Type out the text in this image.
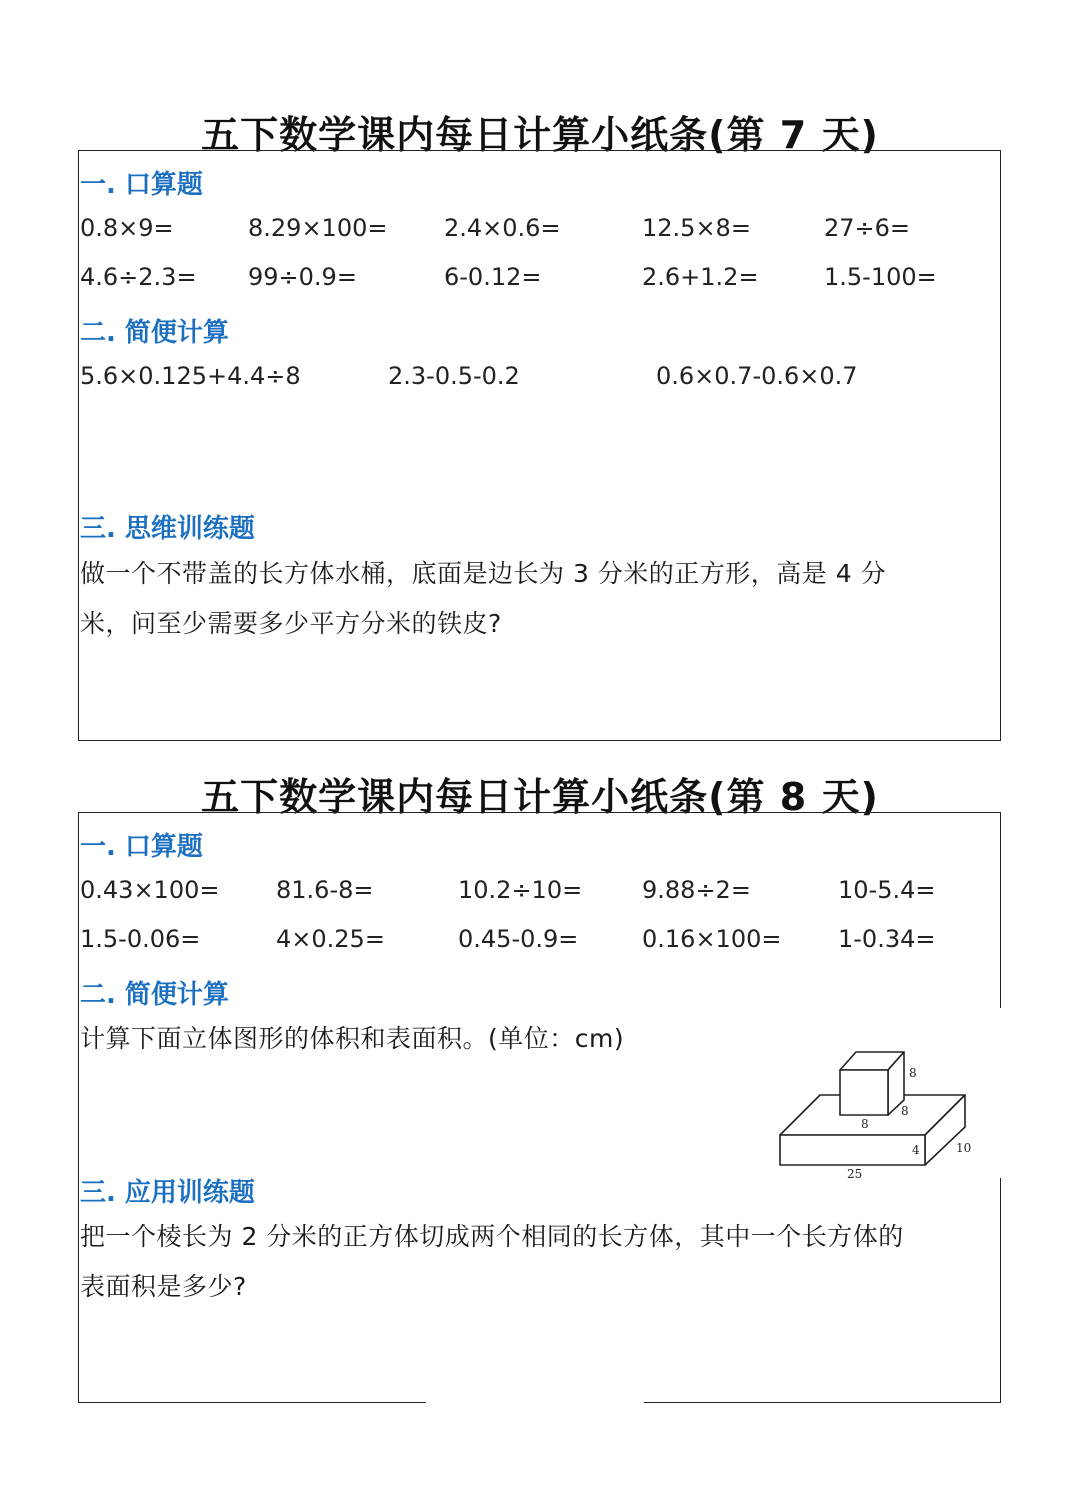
五下数学课内每日计算小纸条(第 7 天)
一. 口算题
0.8×9=	8.29×100= 2.4×0.6=	12.5×8=	27÷6=
4.6÷2.3= 99÷0.9=	6-0.12=	2.6+1.2=	1.5-100=
二. 简便计算
5.6×0.125+4.4÷8	2.3-0.5-0.2	0.6×0.7-0.6×0.7
三. 思维训练题
做一个不带盖的长方体水桶，底面是边长为 3 分米的正方形，高是 4 分
米，问至少需要多少平方分米的铁皮?
五下数学课内每日计算小纸条(第 8 天)
一. 口算题
0.43×100= 81.6-8=	10.2÷10= 9.88÷2=	10-5.4=
1.5-0.06=	4×0.25=	0.45-0.9=	0.16×100= 1-0.34=
二. 简便计算
计算下面立体图形的体积和表面积。(单位：cm)
8
8
8
4	10
25
三. 应用训练题
把一个棱长为 2 分米的正方体切成两个相同的长方体，其中一个长方体的
表面积是多少?
